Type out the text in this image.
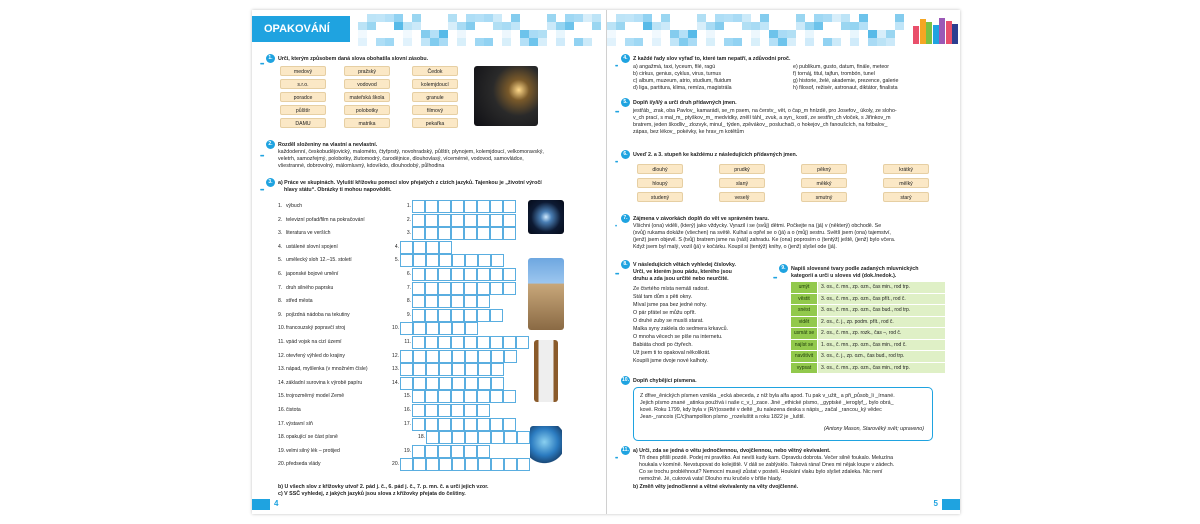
OPAKOVÁNÍ
1.
•••
Urči, kterým způsobem daná slova obohatila slovní zásobu.
medový	pražský	Čedok
s.r.o.	vodovod	kolemjdoucí
poradce	mateřská škola	granule
půlštír	polobotky	filmový
DAMU	matrika	pekařka
2.
•••
Rozděl složeniny na vlastní a nevlastní.
každodenní, českobudějovický, malométo, čtyřprstý, novohradský, půlštír, plynojem, kolemjdoucí, velkomoravský,
veletrh, samozřejmý, polobotky, žlutomodrý, čarodějnice, dlouhovlasý, vícemérné, vodovod, samovládce,
všestranné, dobrovolný, málomluvný, kdovíkdo, dlouhodobý, půlhodina
3.
•••
a) Práce ve skupinách. Vyluští křížovku pomocí slov přejatých z cizích jazyků. Tajenkou je „životní výročí
hlavy státu“. Obrázky ti mohou napovědět.
výbuch
1.	1.
televizní pořad/film na pokračování
2.	2.
literatura ve verších
3.	3.
ustálené slovní spojení
4.	4.
umělecký sloh 12.–15. století
5.	5.
japonské bojové umění
6.	6.
druh silného paprsku
7.	7.
střed města
8.	8.
pojízdná nádoba na tekutiny
9.	9.
francouzský popravčí stroj
10.	10.
vpád vojsk na cizí území
11.	11.
otevřený výhled do krajiny
12.	12.
nápad, myšlenka (v množném čísle)
13.	13.
základní surovina k výrobě papíru
14.	14.
trojrozměrný model Země
15.	15.
čistota
16.	16.
výstavní síň
17.	17.
opakující se část písně
18.	18.
velmi silný lék – protijed
19.	19.
předseda vlády
20.	20.
b) U všech slov z křížovky utvoř 2. pád j. č., 6. pád j. č., 7. p. mn. č. a urči jejich vzor.
c) V SSČ vyhledej, z jakých jazyků jsou slova z křížovky přejata do češtiny.
4
4.
••
Z každé řady slov vyřaď to, které tam nepatří, a zdůvodni proč.
a) angažmá, taxi, lyceum, filé, ragú
b) cirkus, genius, cyklus, virus, turnus
c) album, muzeum, atrio, studium, fluidum
d) liga, partitura, klima, remíza, magistrála
e) publikum, gusto, datum, finále, meteor
f) tornáj, titul, tajfun, trombón, tunel
g) historie, želé, akademie, prezence, galerie
h) filosof, režisér, astronaut, diktátor, finalista
5.
•••
Doplň i/y/í/ý a urči druh přídavných jmen.
jestřáb_ zrak, oba Pavlov_ kamarádi, se_m psem, na čerstv_ vět, o čap_m hnízdě, pro Josefov_ úkoly, ze sloho-
v_ch prací, s mal_m_ ptyškov_m_ medvídky, znělí táhl_ zvuk, a syn_ kostí, ze sestřin_ch vloček, s Jiřinkov_m
bratrem, jeden škodliv_ zlozvyk, minul_ týden, zpěvákov_ posluchači, o hokejov_ch fanoušcích, na fotbalov_
zápas, bez lékov_ pokévky, ke hrav_m kotětům
6.
••
Uveď 2. a 3. stupeň ke každému z následujících přídavných jmen.
dlouhý	prudký	pěkný	krátký
hloupý	slaný	měkký	mělký
studený	veselý	smutný	starý
7.
•
Zájmena v závorkách doplň do vět ve správném tvaru.
Všichni (ona) viděli, (který) jako vždycky. Vyrazil i se (svůj) dětmi. Počkejte na (já) v (některý) obchodě. Se
(svůj) rukama dokáže (všechen) na světě. Kulhal a opřel se o (já) a o (můj) sestru. Světlí jsem (ona) tajemství,
(jenž) jsem objevil. S (tvůj) bratrem jsme na (náš) zahradu. Ke (ona) poprosím o (tentýž) ještě, (jenž) bylo včera.
Když jsem byl malý, vozil (já) v kočárku. Koupil si (tentýž) knihy, o (jenž) slyšel ode (já).
8.
•••
V následujících větách vyhledej číslovky.
Urči, ve kterém jsou pádu, kterého jsou
druhu a zda jsou určité nebo neurčité.
Ze čtvrtého místa nemáš radost.
Stál tam dům s pěti okny.
Míval jsme psa bez jedné nohy.
O pár přátel se můžu opřít.
O druhé zuby se musíš starat.
Malka syny zaklela do sedmera krkavců.
O mnoha věcech se píše na internetu.
Babiáta chodí po čtyřech.
Už jsem ti to opakoval několikrát.
Koupili jsme dvoje nové kalhoty.
9.
•••
Napiš slovesné tvary podle zadaných mluvnických
kategorií a urči u sloves vid (dok./nedok.).
umýt	3. os., č. mn., zp. ozn., čas min., rod trp.
věstit	3. os., č. mn., zp. ozn., čas přít., rod č.
snést	3. os., č. mn., zp. ozn., čas bud., rod trp.
vidět	2. os., č. j., zp. podm. přít., rod č.
usmát se	2. os., č. mn., zp. rozk., čas –, rod č.
najíst se	1. os., č. mn., zp. ozn., čas min., rod č.
navštívit	3. os., č. j., zp. ozn., čas bud., rod trp.
vypsat	3. os., č. mn., zp. ozn., čas min., rod trp.
10. Doplň chybějící písmena.
Z dřive_ěnických písmen vznikla _ecká abeceda, z níž byla alfa apod. Tu pak v_užit_ a při_působ_li _írnané.
Jejich písmo znané _atinka používá i naše c_v_l_zace. Jiné _ethické písmo, _gyptské _ieroglyf_, bylo obrá_
kové. Roku 1799, kdy byla v (R/r)ossetté v deltě _ilu nalezena deska s nápis_, začal _rancou_ký vědec
Jean-_rancois (C/c)hampollion písmo _rozeluštit a roku 1822 je _luštil.
(Antony Mason, Starověký svět; upraveno)
11.
••
a) Urči, zda se jedná o větu jednočlennou, dvojčlennou, nebo větný ekvivalent.
Tři dnes přišli pozdě. Podej mi pravítko. Asi nevíš kudy kam. Opravdu dobrota. Večer silně foukalo. Meluzína
houkala v komíně. Nevstupovat do kolejiště. V dáli se zablýsklo. Taková rána! Dnes mi nějak loupe v zádech.
Co se trochu probléhnout? Nemocní musejí zůstat v posteli. Houkání vlaku bylo slyšet zdaleka. Nic není
nemožné. Jé, cukrová vata! Dlouho mu kručelo v břiše hlady.
b) Změň věty jednočlenné a větné ekvivalenty na věty dvojčlenné.
5
